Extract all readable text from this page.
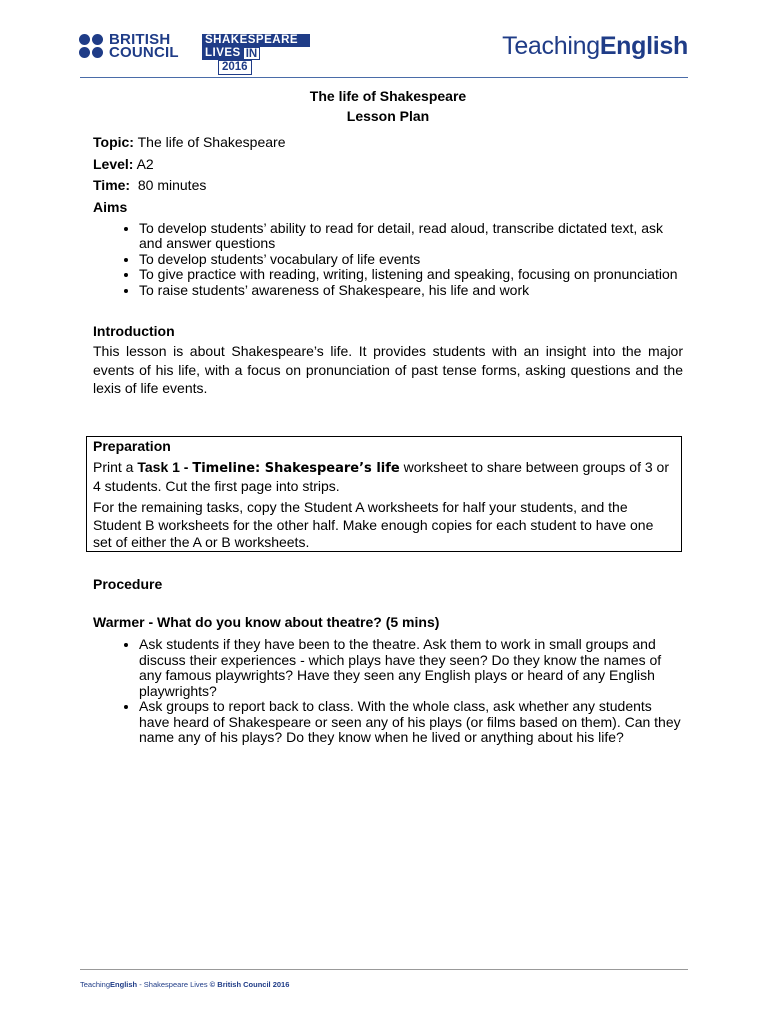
BRITISH
COUNCIL
SHAKESPEARE
LIVES IN
2016
TeachingEnglish
The life of Shakespeare
Lesson Plan
Topic: The life of Shakespeare
Level: A2
Time:  80 minutes
Aims
• To develop students’ ability to read for detail, read aloud, transcribe dictated text, ask and answer questions
• To develop students’ vocabulary of life events
• To give practice with reading, writing, listening and speaking, focusing on pronunciation
• To raise students’ awareness of Shakespeare, his life and work
Introduction
This lesson is about Shakespeare’s life. It provides students with an insight into the major events of his life, with a focus on pronunciation of past tense forms, asking questions and the lexis of life events.
Preparation
Print a Task 1 - Timeline: Shakespeare’s life worksheet to share between groups of 3 or 4 students. Cut the first page into strips.
For the remaining tasks, copy the Student A worksheets for half your students, and the Student B worksheets for the other half. Make enough copies for each student to have one set of either the A or B worksheets.
Procedure
Warmer - What do you know about theatre? (5 mins)
• Ask students if they have been to the theatre. Ask them to work in small groups and discuss their experiences - which plays have they seen? Do they know the names of any famous playwrights? Have they seen any English plays or heard of any English playwrights?
• Ask groups to report back to class. With the whole class, ask whether any students have heard of Shakespeare or seen any of his plays (or films based on them). Can they name any of his plays? Do they know when he lived or anything about his life?
TeachingEnglish - Shakespeare Lives © British Council 2016
